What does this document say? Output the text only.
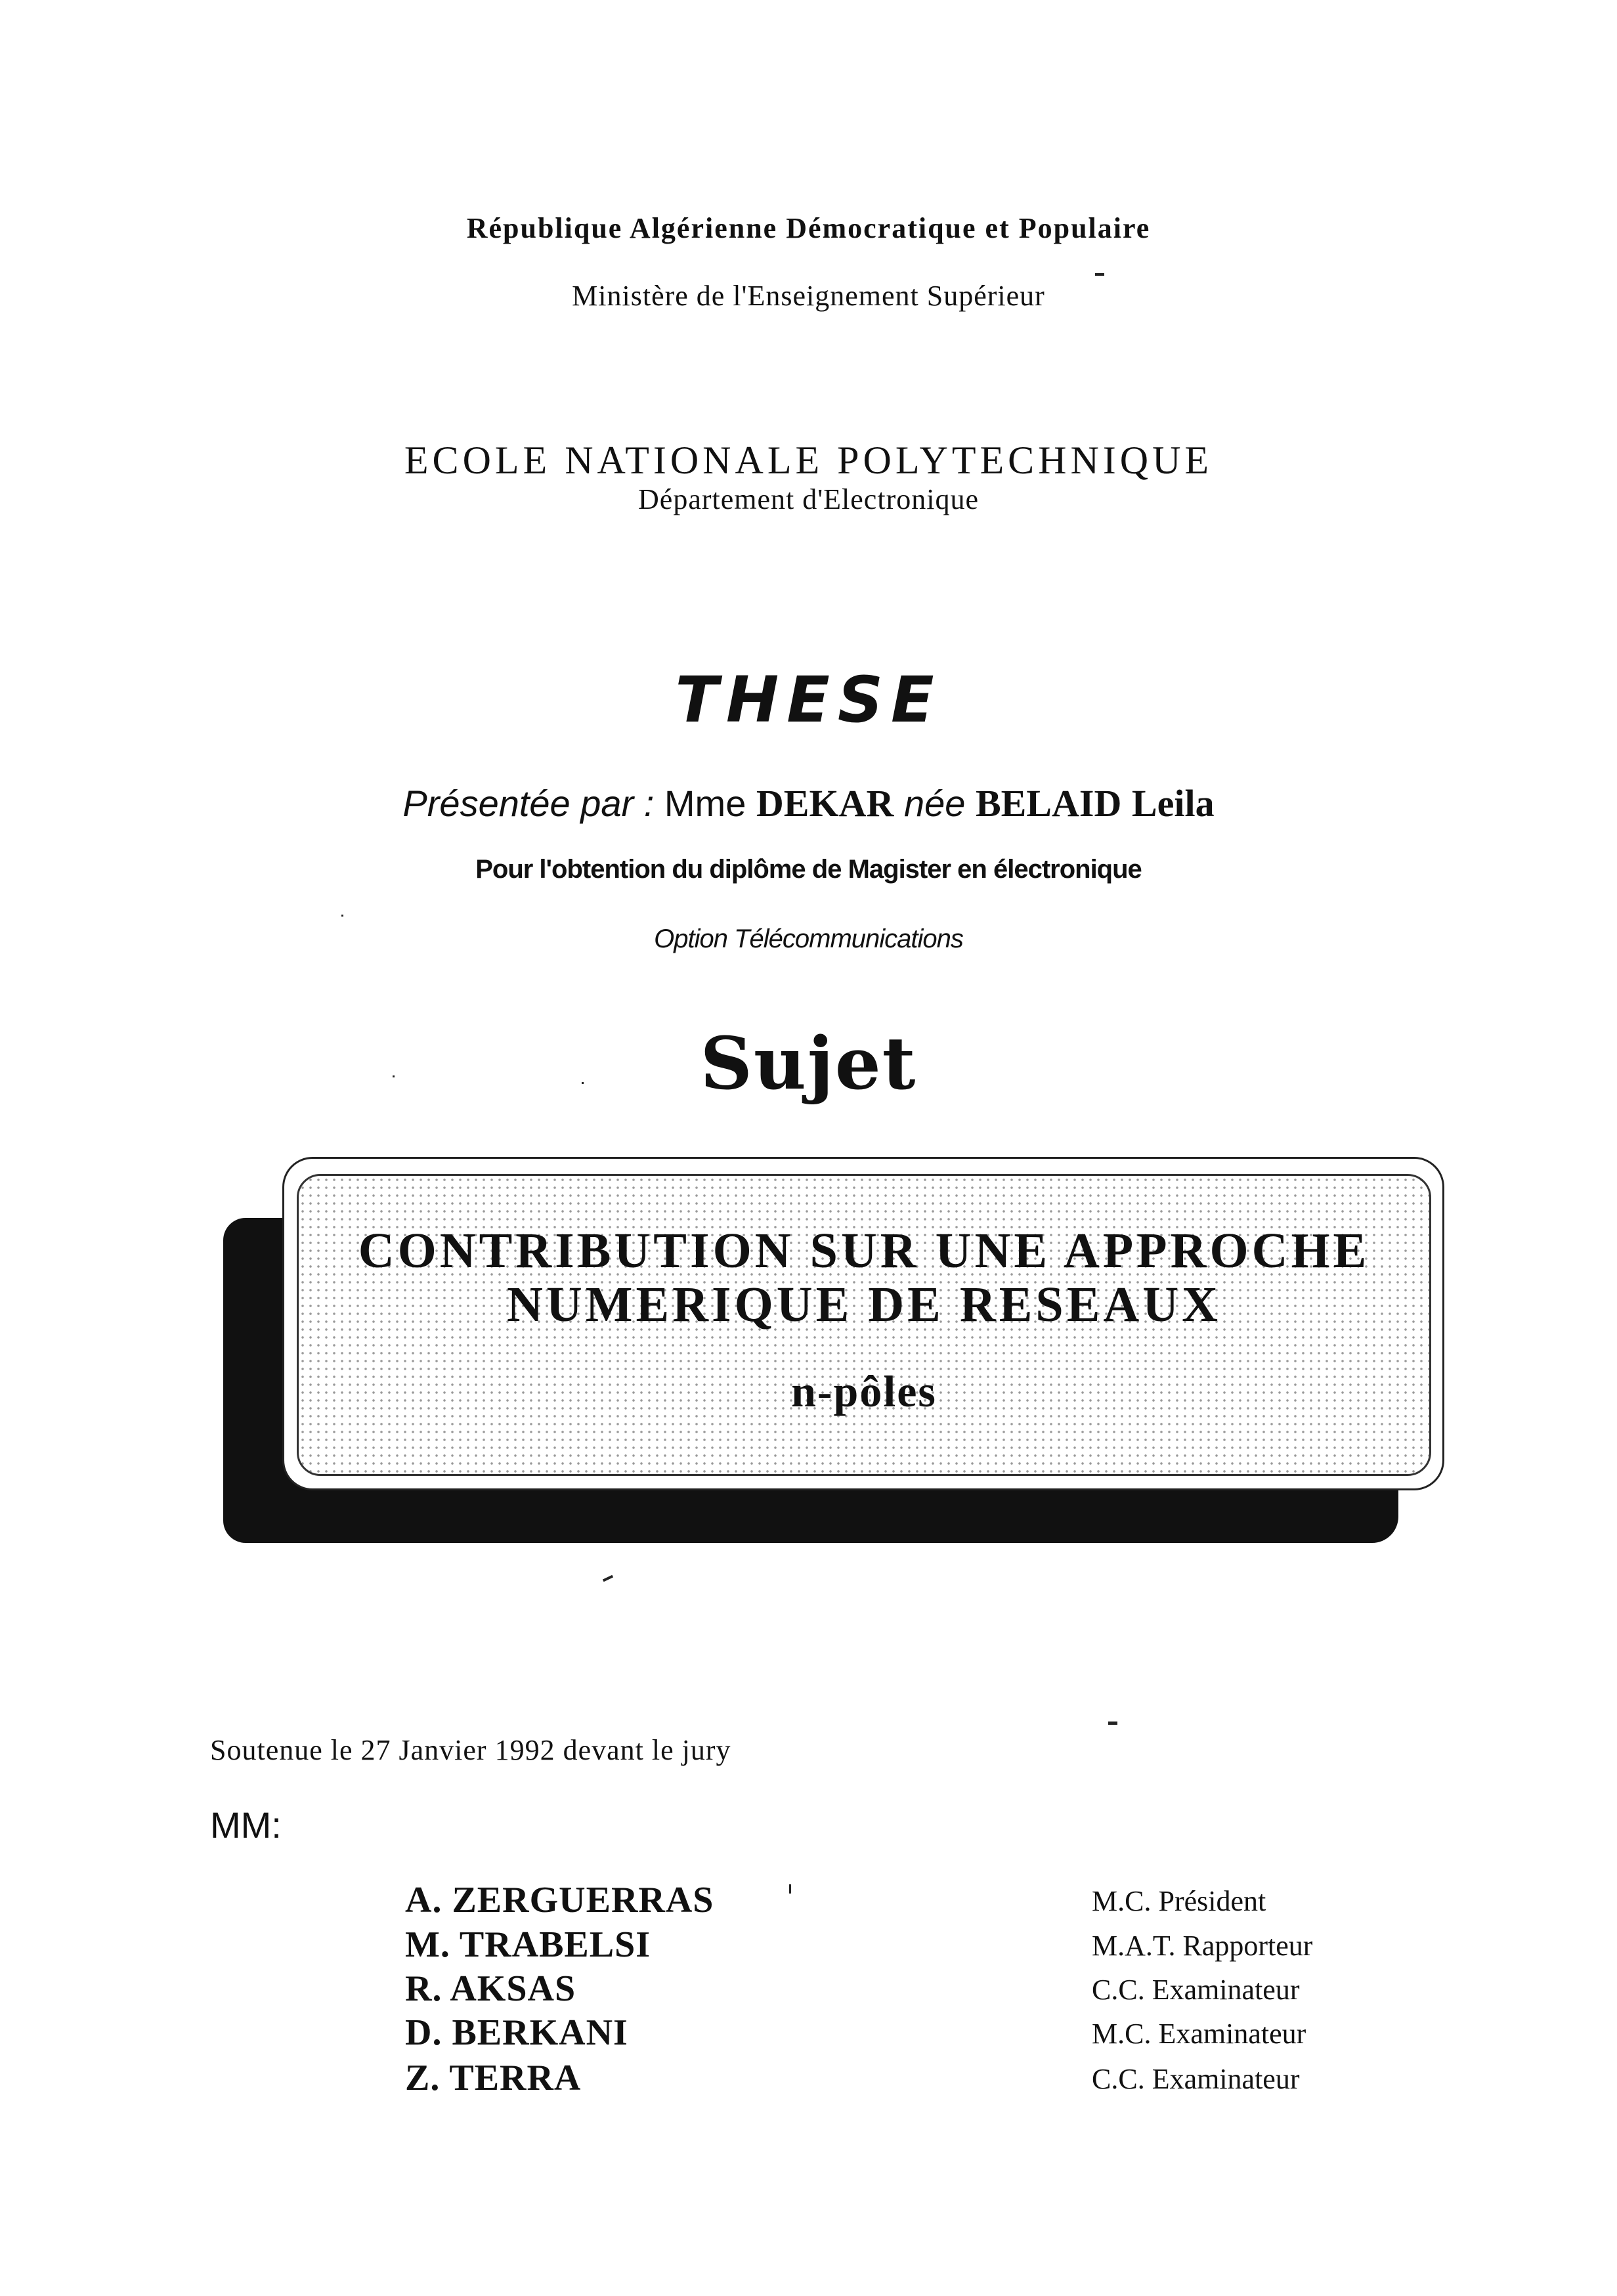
République Algérienne Démocratique et Populaire
Ministère de l'Enseignement Supérieur
ECOLE NATIONALE POLYTECHNIQUE
Département d'Electronique
THESE
Présentée par : Mme DEKAR née BELAID Leila
Pour l'obtention du diplôme de Magister en électronique
Option Télécommunications
Sujet
CONTRIBUTION SUR UNE APPROCHE
NUMERIQUE DE RESEAUX
n-pôles
Soutenue le 27 Janvier 1992 devant le jury
MM:
A. ZERGUERRAS	M.C. Président
M. TRABELSI	M.A.T. Rapporteur
R. AKSAS	C.C. Examinateur
D. BERKANI	M.C. Examinateur
Z. TERRA	C.C. Examinateur
